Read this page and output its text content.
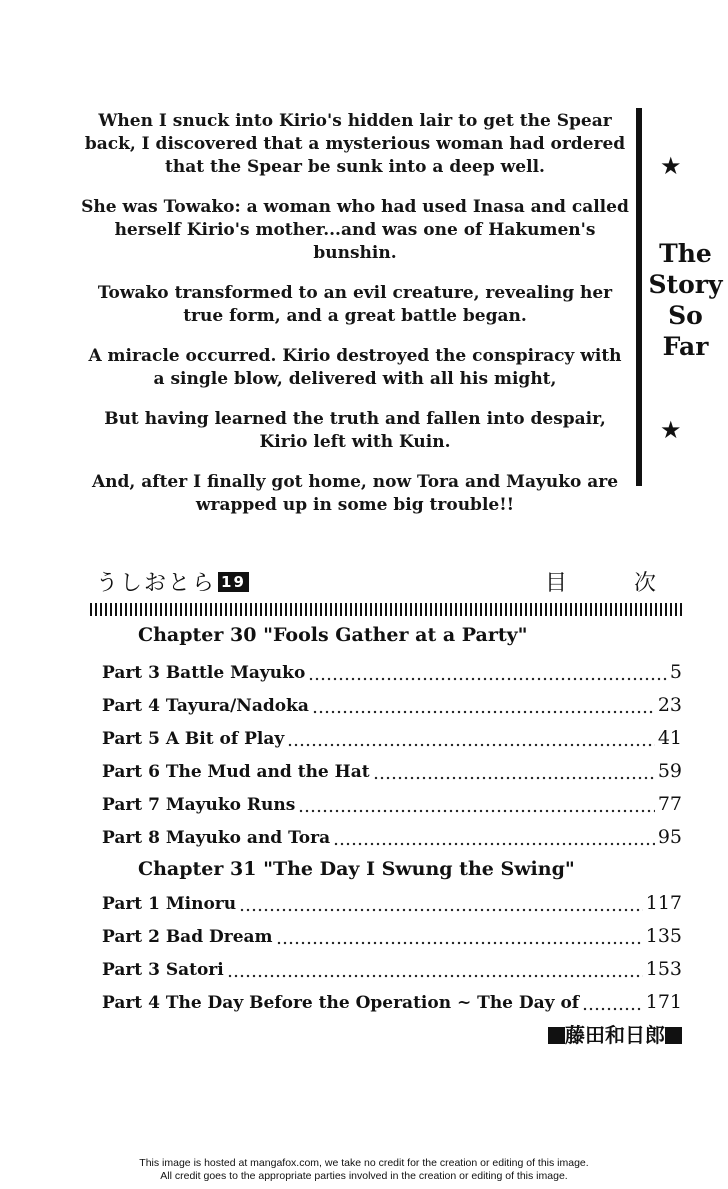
When I snuck into Kirio's hidden lair to get the Spear back, I discovered that a mysterious woman had ordered that the Spear be sunk into a deep well.

She was Towako: a woman who had used Inasa and called herself Kirio's mother...and was one of Hakumen's bunshin.

Towako transformed to an evil creature, revealing her true form, and a great battle began.

A miracle occurred. Kirio destroyed the conspiracy with a single blow, delivered with all his might,

But having learned the truth and fallen into despair, Kirio left with Kuin.

And, after I finally got home, now Tora and Mayuko are wrapped up in some big trouble!!

★
The
Story
So
Far
★
うしおとら 19	目 次
Chapter 30 "Fools Gather at a Party"
Part 3 Battle Mayuko	5
Part 4 Tayura/Nadoka	23
Part 5 A Bit of Play	41
Part 6 The Mud and the Hat	59
Part 7 Mayuko Runs	77
Part 8 Mayuko and Tora	95
Chapter 31 "The Day I Swung the Swing"
Part 1 Minoru	117
Part 2 Bad Dream	135
Part 3 Satori	153
Part 4 The Day Before the Operation ~ The Day of	171
藤田和日郎
This image is hosted at mangafox.com, we take no credit for the creation or editing of this image.
All credit goes to the appropriate parties involved in the creation or editing of this image.
